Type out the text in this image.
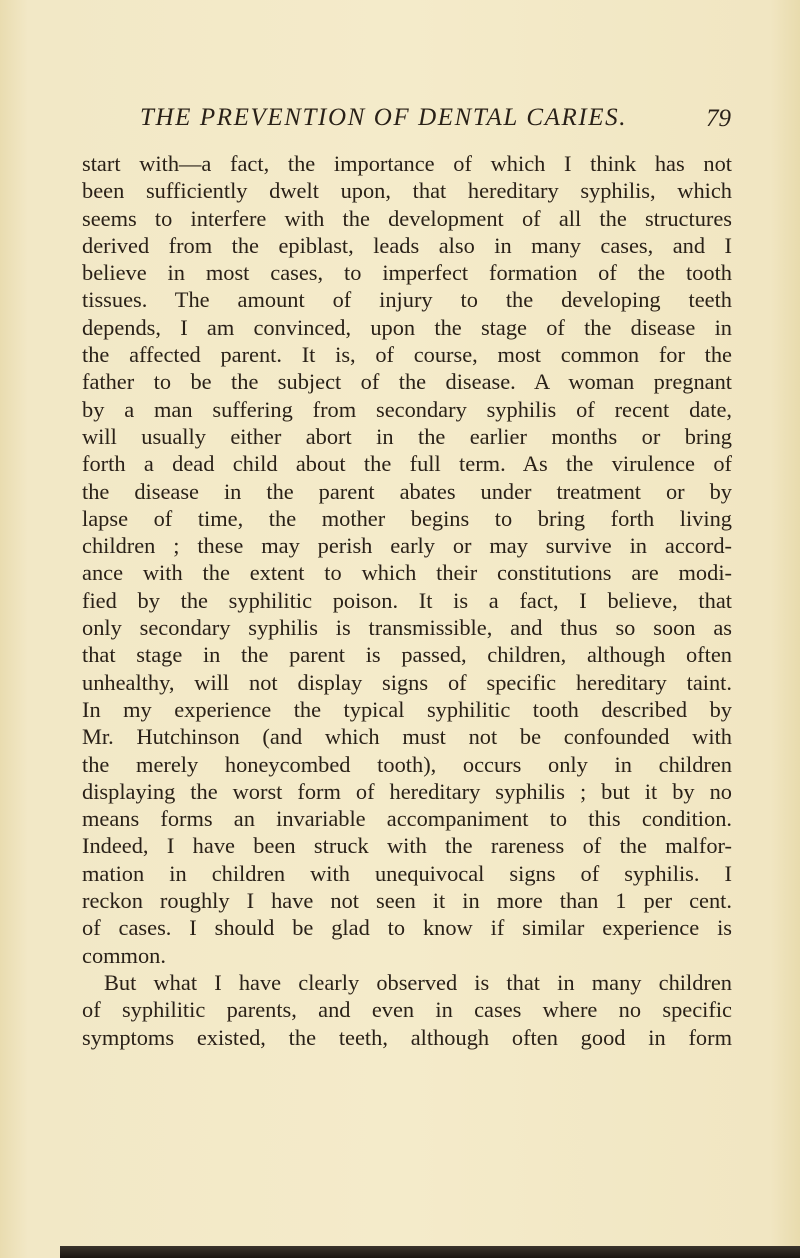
THE PREVENTION OF DENTAL CARIES.	79
start with—a fact, the importance of which I think has not
been sufficiently dwelt upon, that hereditary syphilis, which
seems to interfere with the development of all the structures
derived from the epiblast, leads also in many cases, and I
believe in most cases, to imperfect formation of the tooth
tissues. The amount of injury to the developing teeth
depends, I am convinced, upon the stage of the disease in
the affected parent. It is, of course, most common for the
father to be the subject of the disease. A woman pregnant
by a man suffering from secondary syphilis of recent date,
will usually either abort in the earlier months or bring
forth a dead child about the full term. As the virulence of
the disease in the parent abates under treatment or by
lapse of time, the mother begins to bring forth living
children ; these may perish early or may survive in accord-
ance with the extent to which their constitutions are modi-
fied by the syphilitic poison. It is a fact, I believe, that
only secondary syphilis is transmissible, and thus so soon as
that stage in the parent is passed, children, although often
unhealthy, will not display signs of specific hereditary taint.
In my experience the typical syphilitic tooth described by
Mr. Hutchinson (and which must not be confounded with
the merely honeycombed tooth), occurs only in children
displaying the worst form of hereditary syphilis ; but it by no
means forms an invariable accompaniment to this condition.
Indeed, I have been struck with the rareness of the malfor-
mation in children with unequivocal signs of syphilis. I
reckon roughly I have not seen it in more than 1 per cent.
of cases. I should be glad to know if similar experience is
common.
But what I have clearly observed is that in many children
of syphilitic parents, and even in cases where no specific
symptoms existed, the teeth, although often good in form
